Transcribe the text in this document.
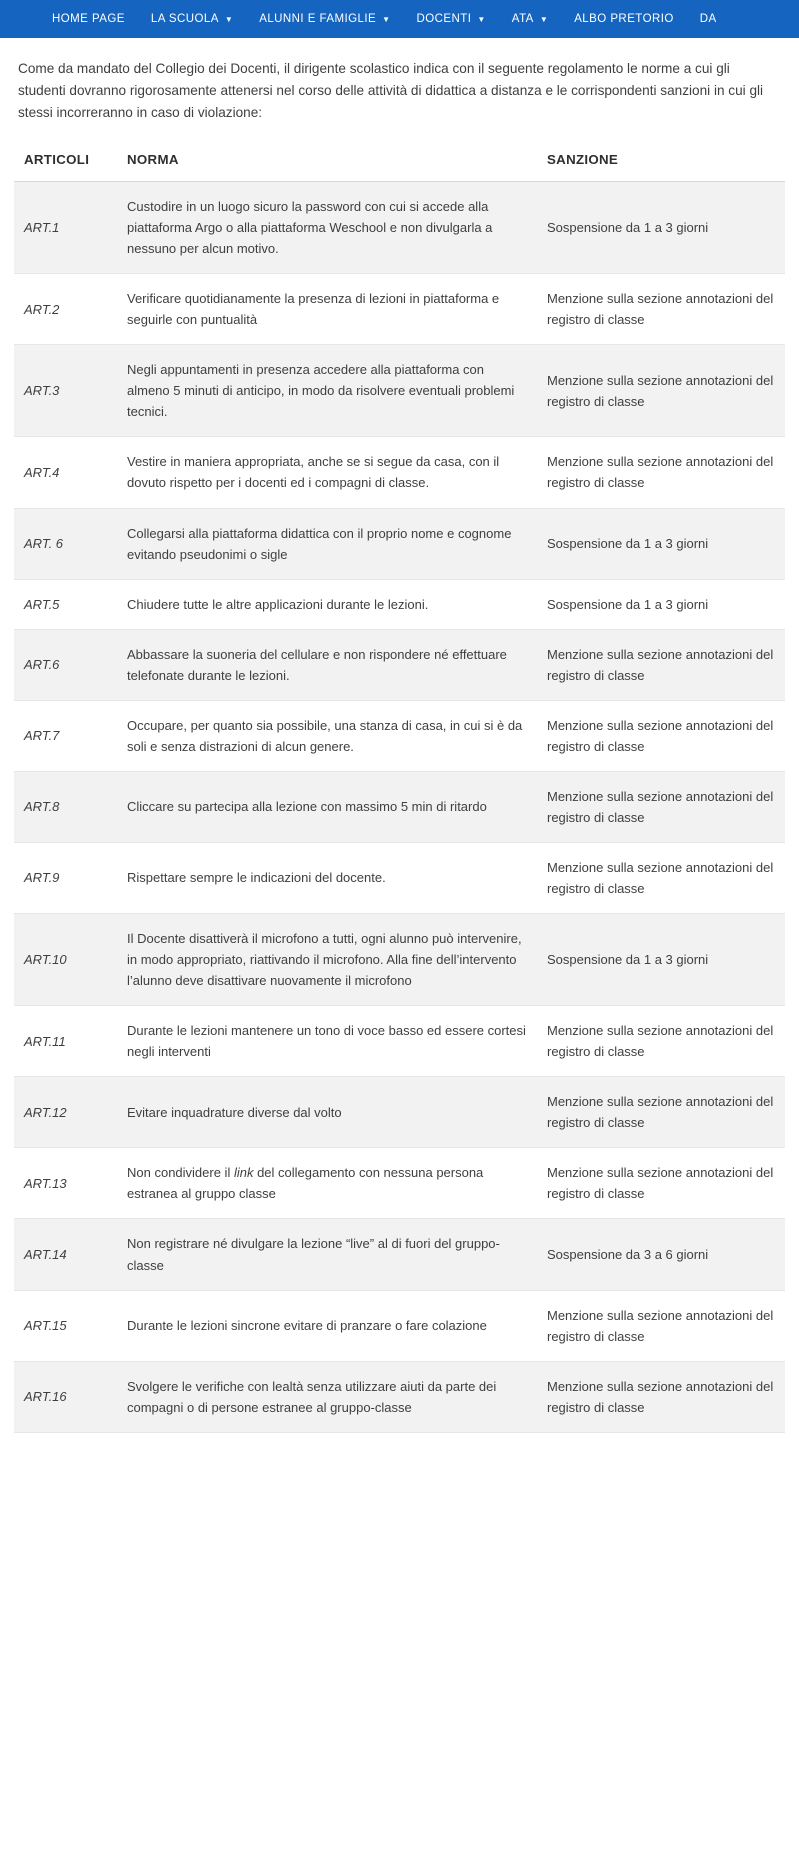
HOME PAGE LA SCUOLA ▼ ALUNNI E FAMIGLIE ▼ DOCENTI ▼ ATA ▼ ALBO PRETORIO DA

Come da mandato del Collegio dei Docenti, il dirigente scolastico indica con il seguente regolamento le norme a cui gli studenti dovranno rigorosamente attenersi nel corso delle attività di didattica a distanza e le corrispondenti sanzioni in cui gli stessi incorreranno in caso di violazione:

ARTICOLI	NORMA	SANZIONE
ART.1	Custodire in un luogo sicuro la password con cui si accede alla piattaforma Argo o alla piattaforma Weschool e non divulgarla a nessuno per alcun motivo.	Sospensione da 1 a 3 giorni
ART.2	Verificare quotidianamente la presenza di lezioni in piattaforma e seguirle con puntualità	Menzione sulla sezione annotazioni del registro di classe
ART.3	Negli appuntamenti in presenza accedere alla piattaforma con almeno 5 minuti di anticipo, in modo da risolvere eventuali problemi tecnici.	Menzione sulla sezione annotazioni del registro di classe
ART.4	Vestire in maniera appropriata, anche se si segue da casa, con il dovuto rispetto per i docenti ed i compagni di classe.	Menzione sulla sezione annotazioni del registro di classe
ART. 6	Collegarsi alla piattaforma didattica con il proprio nome e cognome evitando pseudonimi o sigle	Sospensione da 1 a 3 giorni
ART.5	Chiudere tutte le altre applicazioni durante le lezioni.	Sospensione da 1 a 3 giorni
ART.6	Abbassare la suoneria del cellulare e non rispondere né effettuare telefonate durante le lezioni.	Menzione sulla sezione annotazioni del registro di classe
ART.7	Occupare, per quanto sia possibile, una stanza di casa, in cui si è da soli e senza distrazioni di alcun genere.	Menzione sulla sezione annotazioni del registro di classe
ART.8	Cliccare su partecipa alla lezione con massimo 5 min di ritardo	Menzione sulla sezione annotazioni del registro di classe
ART.9	Rispettare sempre le indicazioni del docente.	Menzione sulla sezione annotazioni del registro di classe
ART.10	Il Docente disattiverà il microfono a tutti, ogni alunno può intervenire, in modo appropriato, riattivando il microfono. Alla fine dell’intervento l’alunno deve disattivare nuovamente il microfono	Sospensione da 1 a 3 giorni
ART.11	Durante le lezioni mantenere un tono di voce basso ed essere cortesi negli interventi	Menzione sulla sezione annotazioni del registro di classe
ART.12	Evitare inquadrature diverse dal volto	Menzione sulla sezione annotazioni del registro di classe
ART.13	Non condividere il link del collegamento con nessuna persona estranea al gruppo classe	Menzione sulla sezione annotazioni del registro di classe
ART.14	Non registrare né divulgare la lezione “live” al di fuori del gruppo-classe	Sospensione da 3 a 6 giorni
ART.15	Durante le lezioni sincrone evitare di pranzare o fare colazione	Menzione sulla sezione annotazioni del registro di classe
ART.16	Svolgere le verifiche con lealtà senza utilizzare aiuti da parte dei compagni o di persone estranee al gruppo-classe	Menzione sulla sezione annotazioni del registro di classe
